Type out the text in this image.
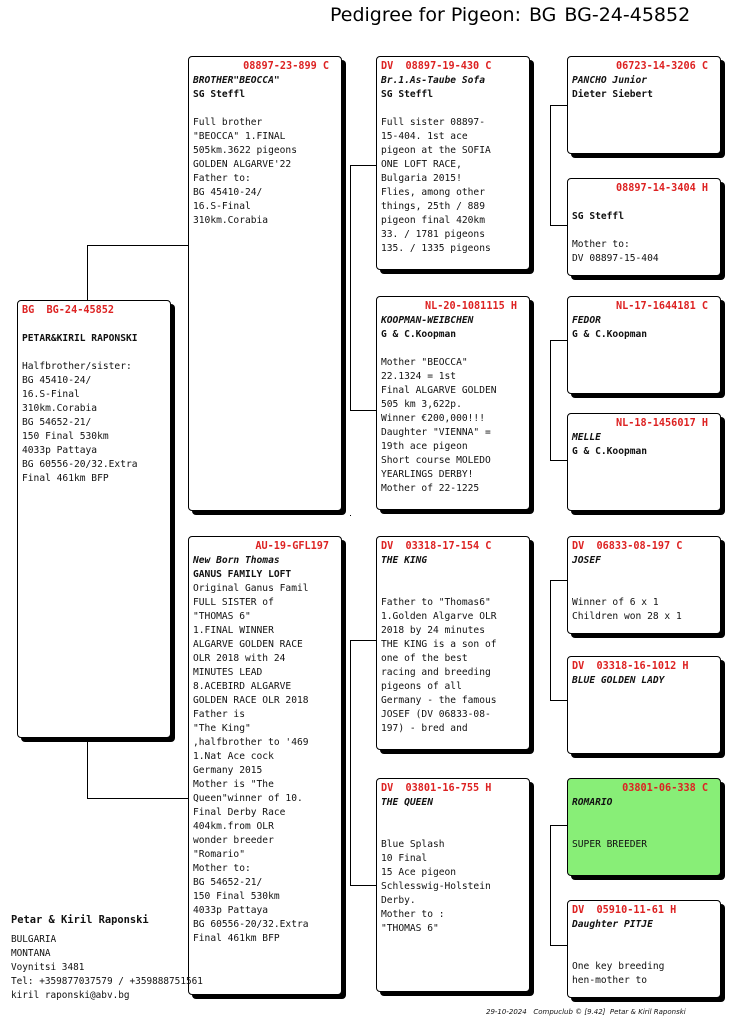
Pedigree for Pigeon: BG BG-24-45852
BG  BG-24-45852
PETAR&KIRIL RAPONSKI
Halfbrother/sister:
BG 45410-24/
16.S-Final
310km.Corabia
BG 54652-21/
150 Final 530km
4033p Pattaya
BG 60556-20/32.Extra
Final 461km BFP
08897-23-899 C
BROTHER"BEOCCA"
SG Steffl
Full brother
"BEOCCA" 1.FINAL
505km.3622 pigeons
GOLDEN ALGARVE'22
Father to:
BG 45410-24/
16.S-Final
310km.Corabia
AU-19-GFL197
New Born Thomas
GANUS FAMILY LOFT
Original Ganus Famil
FULL SISTER of
"THOMAS 6"
1.FINAL WINNER
ALGARVE GOLDEN RACE
OLR 2018 with 24
MINUTES LEAD
8.ACEBIRD ALGARVE
GOLDEN RACE OLR 2018
Father is
"The King"
,halfbrother to '469
1.Nat Ace cock
Germany 2015
Mother is "The
Queen"winner of 10.
Final Derby Race
404km.from OLR
wonder breeder
"Romario"
Mother to:
BG 54652-21/
150 Final 530km
4033p Pattaya
BG 60556-20/32.Extra
Final 461km BFP
DV  08897-19-430 C
Br.1.As-Taube Sofa
SG Steffl
Full sister 08897-
15-404. 1st ace
pigeon at the SOFIA
ONE LOFT RACE,
Bulgaria 2015!
Flies, among other
things, 25th / 889
pigeon final 420km
33. / 1781 pigeons
135. / 1335 pigeons
NL-20-1081115 H
KOOPMAN-WEIBCHEN
G & C.Koopman
Mother "BEOCCA"
22.1324 = 1st
Final ALGARVE GOLDEN
505 km 3,622p.
Winner €200,000!!!
Daughter "VIENNA" =
19th ace pigeon
Short course MOLEDO
YEARLINGS DERBY!
Mother of 22-1225
DV  03318-17-154 C
THE KING
Father to "Thomas6"
1.Golden Algarve OLR
2018 by 24 minutes
THE KING is a son of
one of the best
racing and breeding
pigeons of all
Germany - the famous
JOSEF (DV 06833-08-
197) - bred and
DV  03801-16-755 H
THE QUEEN
Blue Splash
10 Final
15 Ace pigeon
Schlesswig-Holstein
Derby.
Mother to :
"THOMAS 6"
06723-14-3206 C
PANCHO Junior
Dieter Siebert
08897-14-3404 H
SG Steffl
Mother to:
DV 08897-15-404
NL-17-1644181 C
FEDOR
G & C.Koopman
NL-18-1456017 H
MELLE
G & C.Koopman
DV  06833-08-197 C
JOSEF
Winner of 6 x 1
Children won 28 x 1
DV  03318-16-1012 H
BLUE GOLDEN LADY
03801-06-338 C
ROMARIO
SUPER BREEDER
DV  05910-11-61 H
Daughter PITJE
One key breeding
hen-mother to
Petar & Kiril Raponski
BULGARIA
MONTANA
Voynitsi 3481
Tel: +359877037579 / +359888751561
kiril raponski@abv.bg
29-10-2024 Compuclub © [9.42] Petar & Kiril Raponski
